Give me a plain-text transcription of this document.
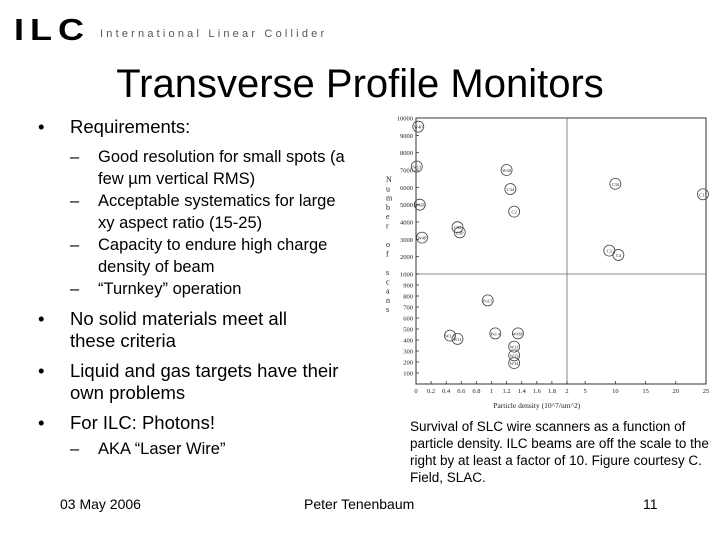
ILC International Linear Collider
Transverse Profile Monitors
• Requirements:
– Good resolution for small spots (a few µm vertical RMS)
– Acceptable systematics for large xy aspect ratio (15-25)
– Capacity to endure high charge density of beam
– “Turnkey” operation
• No solid materials meet all these criteria
• Liquid and gas targets have their own problems
• For ILC: Photons!
– AKA “Laser Wire”
100
200
300
400
500
600
700
800
900
1000
2000
3000
4000
5000
6000
7000
8000
9000
10000
0 0.2 0.4 0.6 0.8 1 1.2 1.4 1.6 1.8 2 5	10	15	20	25
N u m b e r o f s c a n s
Particle density (10^7/um^2)
W40
Sc13
W40
C34
W4EP
C2
C34
C17
C34
C3P
W4P
C3
C4
Pol.5
W1,3
W11
Pol.4	W4SP
W12
W13
W14
Survival of SLC wire scanners as a function of particle density. ILC beams are off the scale to the right by at least a factor of 10. Figure courtesy C. Field, SLAC.
03 May 2006	Peter Tenenbaum	11
